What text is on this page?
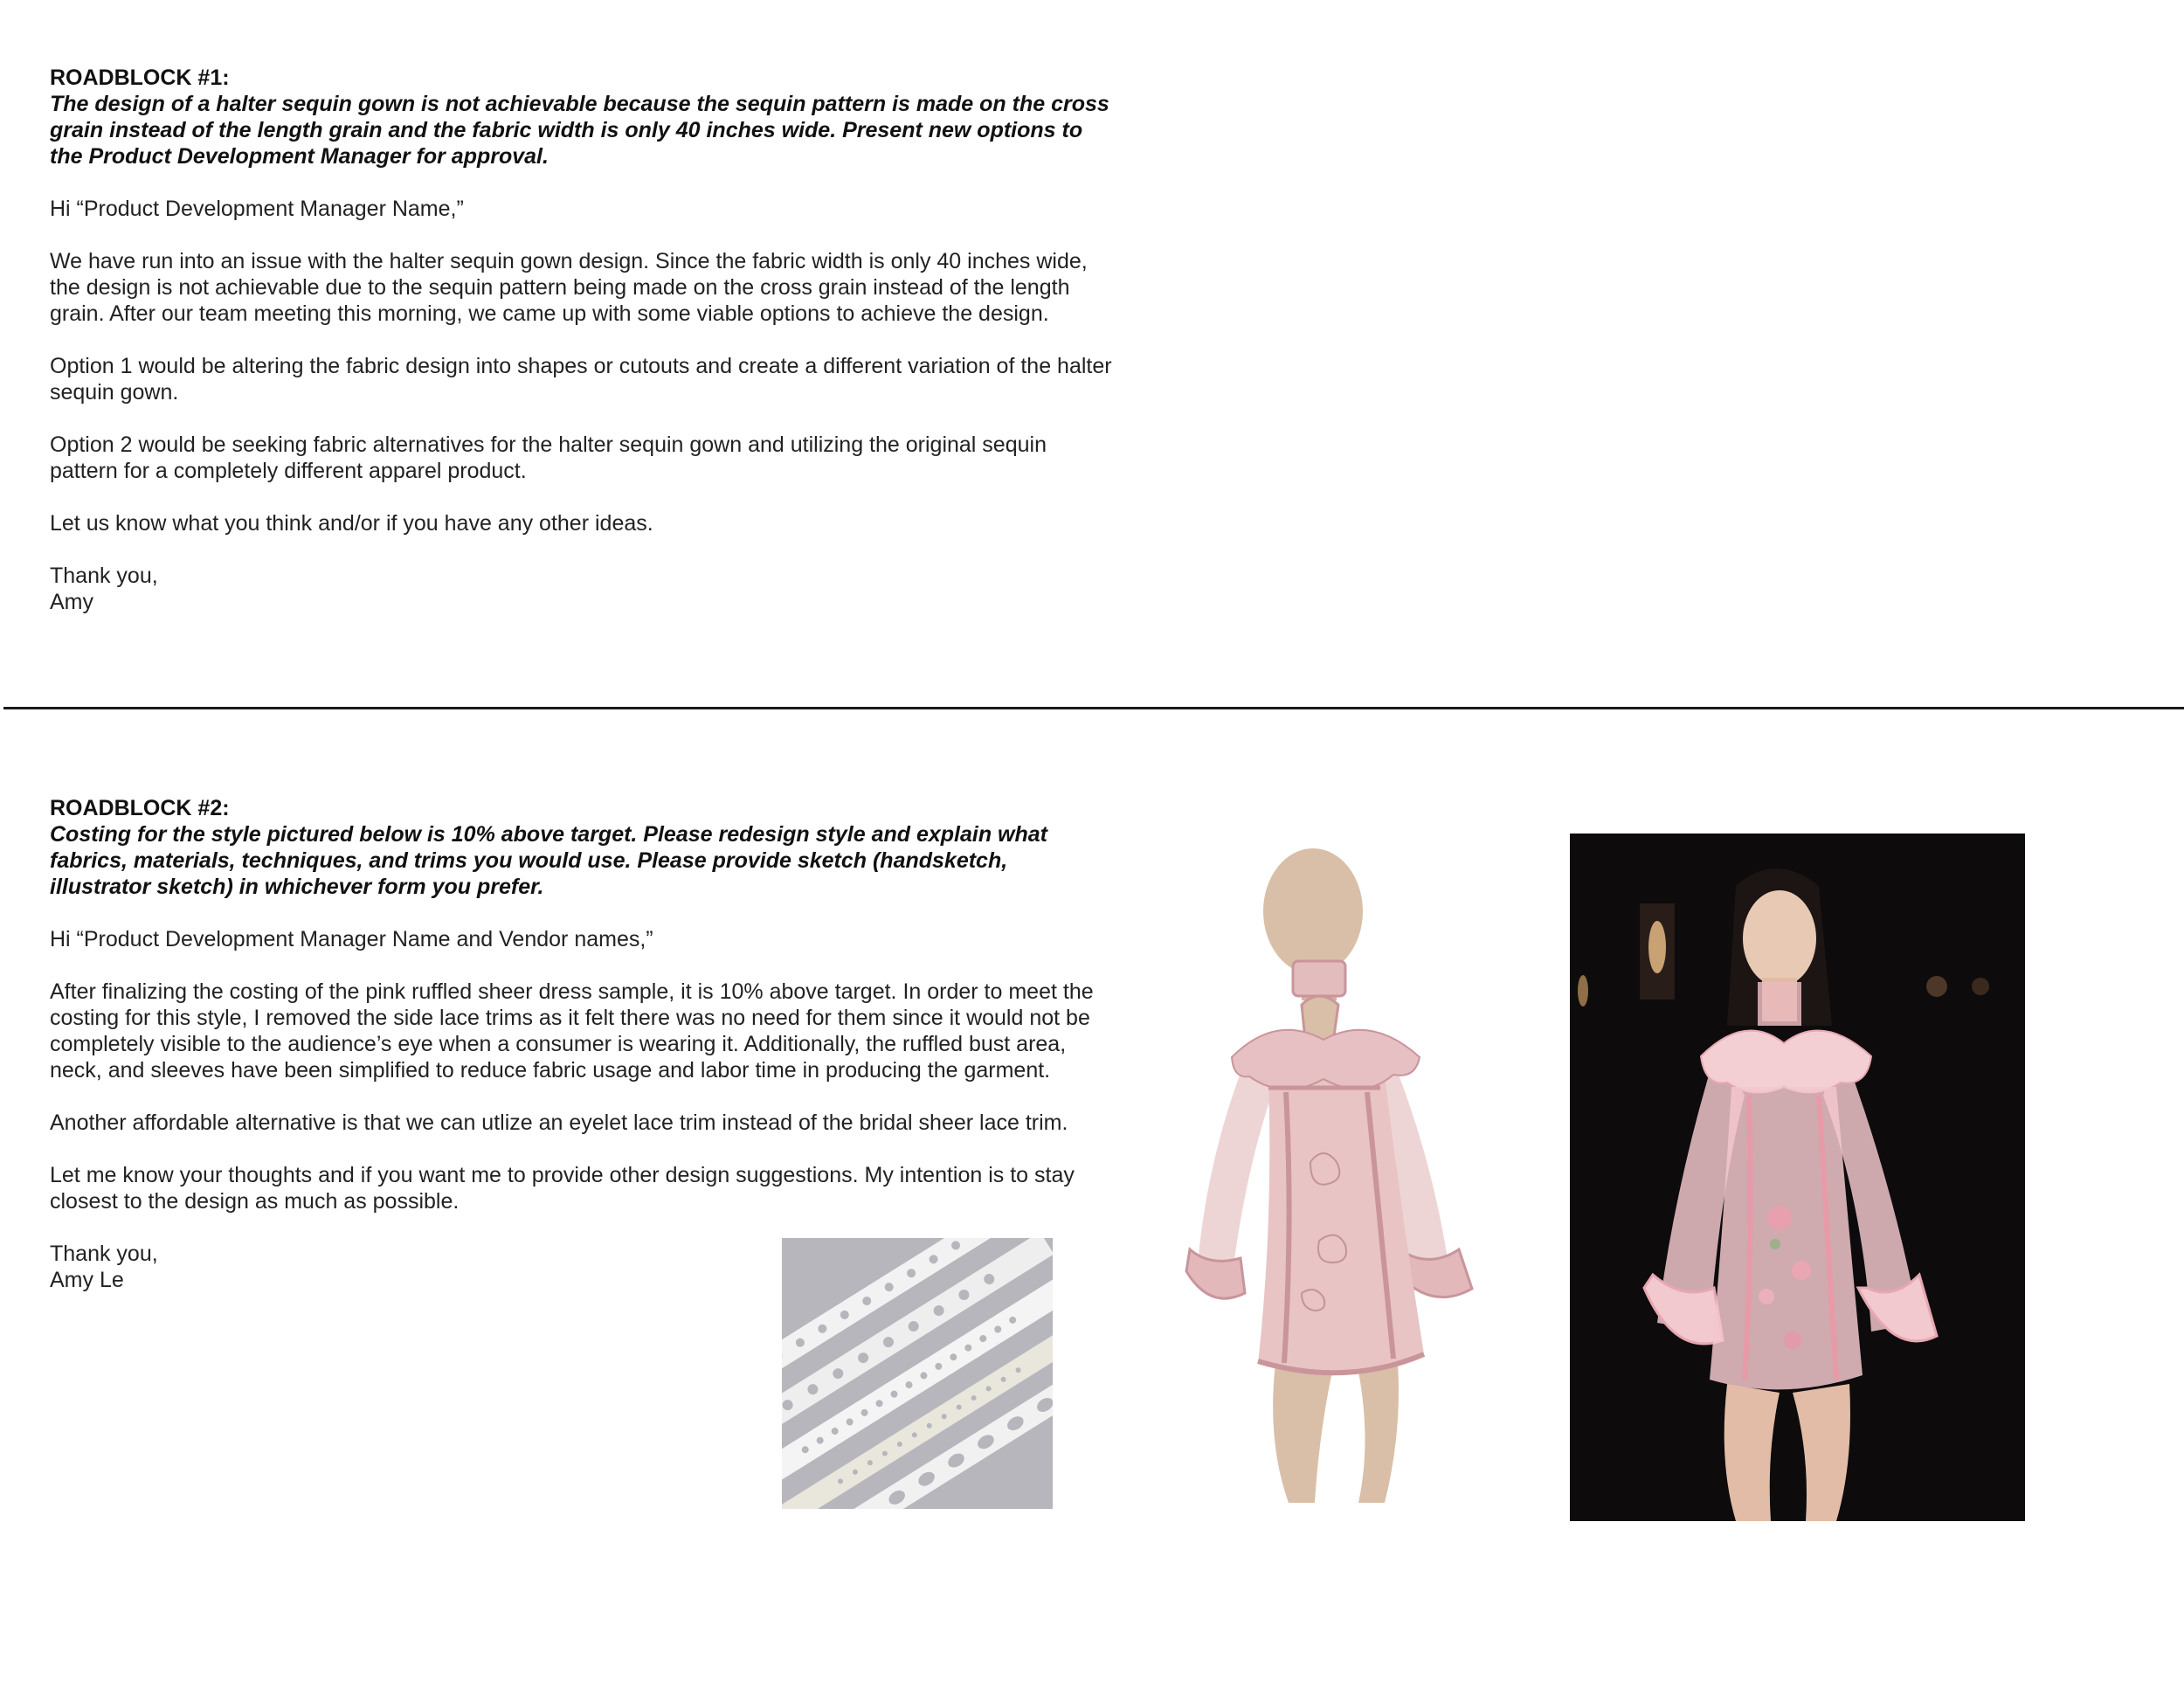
ROADBLOCK #1:

The design of a halter sequin gown is not achievable because the sequin pattern is made on the cross grain instead of the length grain and the fabric width is only 40 inches wide. Present new options to the Product Development Manager for approval.

Hi “Product Development Manager Name,”

We have run into an issue with the halter sequin gown design. Since the fabric width is only 40 inches wide, the design is not achievable due to the sequin pattern being made on the cross grain instead of the length grain. After our team meeting this morning, we came up with some viable options to achieve the design.

Option 1 would be altering the fabric design into shapes or cutouts and create a different variation of the halter sequin gown.

Option 2 would be seeking fabric alternatives for the halter sequin gown and utilizing the original sequin pattern for a completely different apparel product.

Let us know what you think and/or if you have any other ideas.

Thank you,

Amy

ROADBLOCK #2:

Costing for the style pictured below is 10% above target. Please redesign style and explain what fabrics, materials, techniques, and trims you would use. Please provide sketch (handsketch, illustrator sketch) in whichever form you prefer.

Hi “Product Development Manager Name and Vendor names,”

After finalizing the costing of the pink ruffled sheer dress sample, it is 10% above target. In order to meet the costing for this style, I removed the side lace trims as it felt there was no need for them since it would not be completely visible to the audience’s eye when a consumer is wearing it. Additionally, the ruffled bust area, neck, and sleeves have been simplified to reduce fabric usage and labor time in producing the garment.

Another affordable alternative is that we can utlize an eyelet lace trim instead of the bridal sheer lace trim.

Let me know your thoughts and if you want me to provide other design suggestions. My intention is to stay closest to the design as much as possible.

Thank you,

Amy Le
